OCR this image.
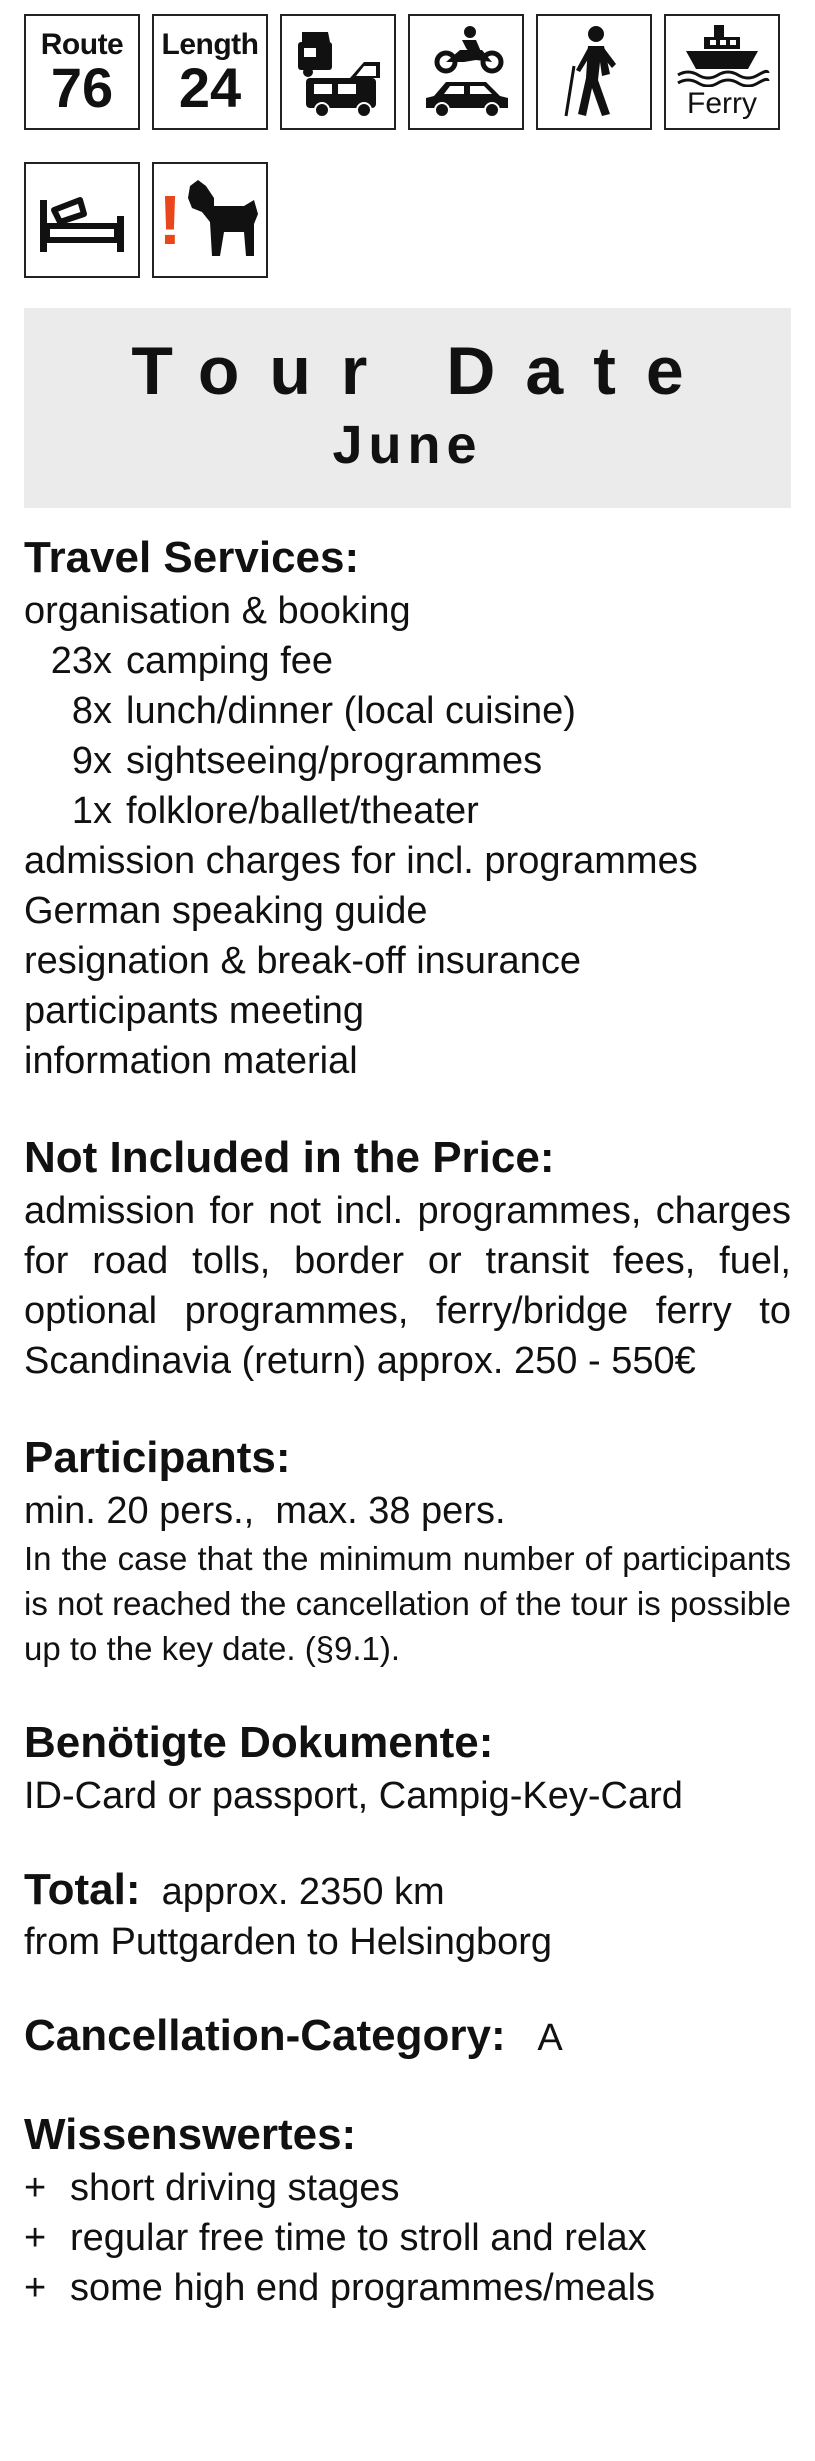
Route
76
Length
24	Ferry
!
Tour Date
June

Travel Services:

organisation & booking

23x camping fee

8x lunch/dinner (local cuisine)

9x sightseeing/programmes

1x folklore/ballet/theater

admission charges for incl. programmes

German speaking guide

resignation & break-off insurance

participants meeting

information material

Not Included in the Price:

admission for not incl. programmes, charges for road tolls, border or transit fees, fuel, optional programmes, ferry/bridge ferry to Scandinavia (return) approx. 250 - 550€

Participants:

min. 20 pers.,  max. 38 pers.

In the case that the minimum number of participants is not reached the cancellation of the tour is possible up to the key date. (§9.1).

Benötigte Dokumente:

ID-Card or passport, Campig-Key-Card

Total: approx. 2350 km

from Puttgarden to Helsingborg

Cancellation-Category: A

Wissenswertes:

+ short driving stages

+ regular free time to stroll and relax

+ some high end programmes/meals
